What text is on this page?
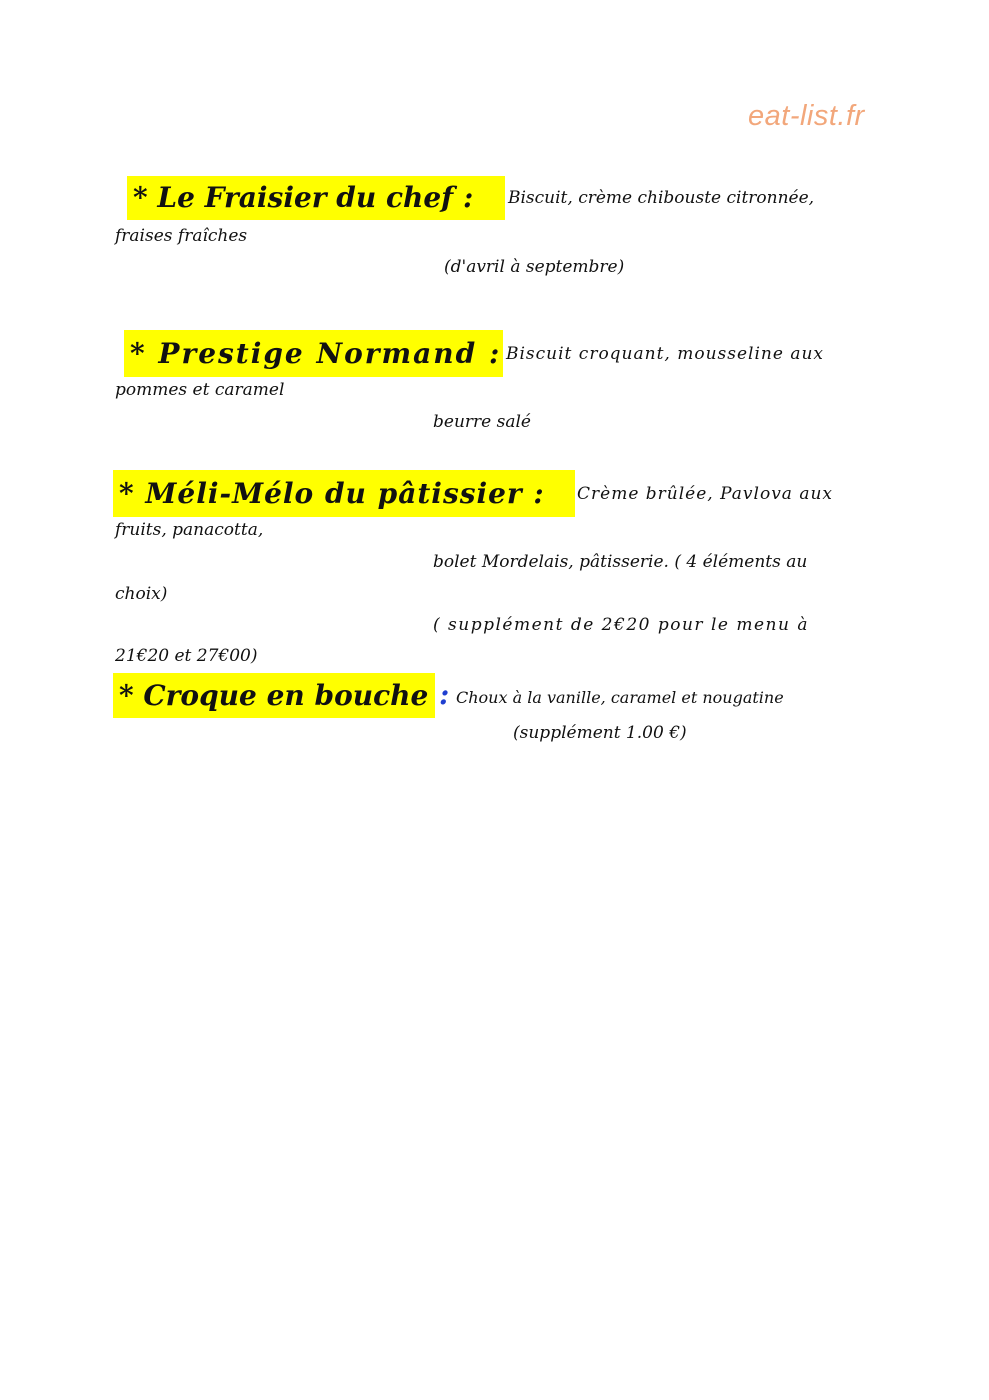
eat-list.fr
* Le Fraisier du chef :	Biscuit, crème chibouste citronnée,
fraises fraîches
(d'avril à septembre)
* Prestige Normand : Biscuit croquant, mousseline aux
pommes et caramel
beurre salé
* Méli-Mélo du pâtissier :	Crème brûlée, Pavlova aux
fruits, panacotta,
bolet Mordelais, pâtisserie. ( 4 éléments au
choix)
( supplément de 2€20 pour le menu à
21€20 et 27€00)
* Croque en bouche : Choux à la vanille, caramel et nougatine
(supplément 1.00 €)
